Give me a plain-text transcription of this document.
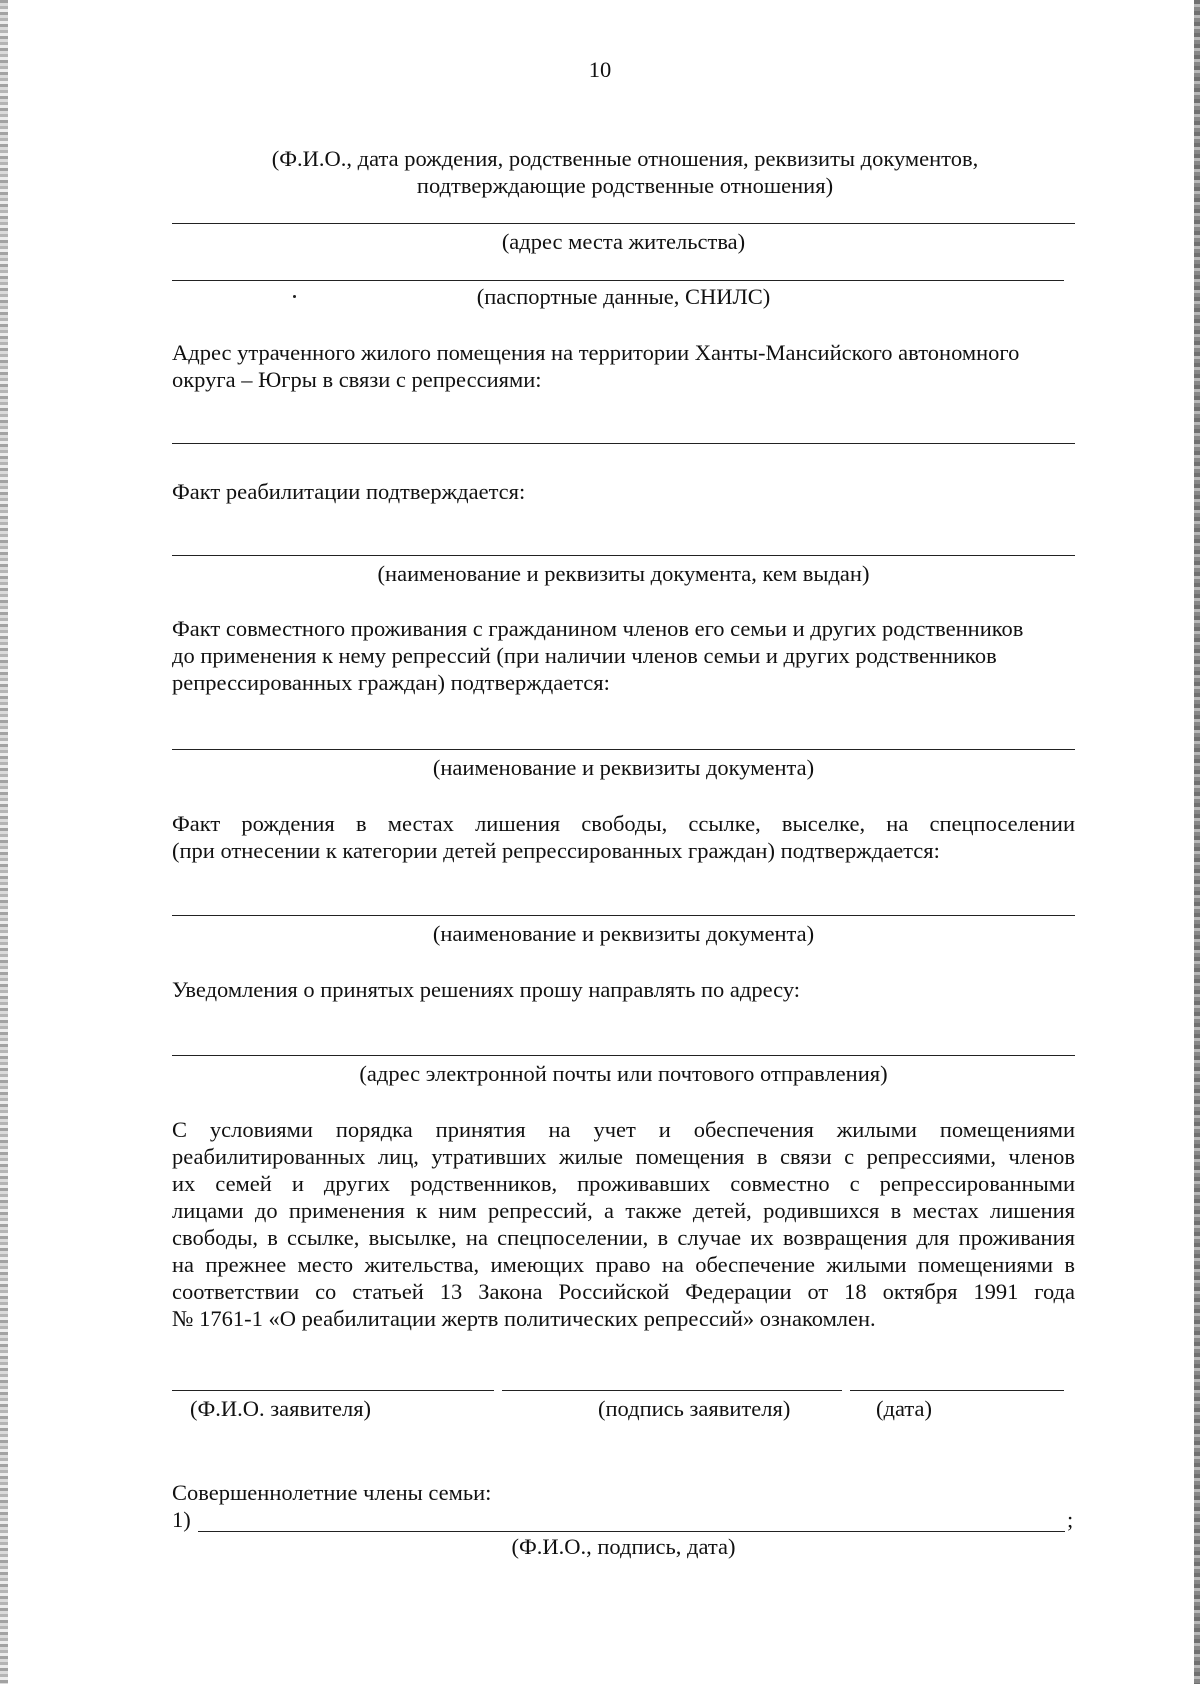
10
(Ф.И.О., дата рождения, родственные отношения, реквизиты документов,
подтверждающие родственные отношения)
(адрес места жительства)
(паспортные данные, СНИЛС)
Адрес утраченного жилого помещения на территории Ханты-Мансийского автономного
округа – Югры в связи с репрессиями:
Факт реабилитации подтверждается:
(наименование и реквизиты документа, кем выдан)
Факт совместного проживания с гражданином членов его семьи и других родственников
до применения к нему репрессий (при наличии членов семьи и других родственников
репрессированных граждан) подтверждается:
(наименование и реквизиты документа)
Факт рождения в местах лишения свободы, ссылке, выселке, на спецпоселении
(при отнесении к категории детей репрессированных граждан) подтверждается:
(наименование и реквизиты документа)
Уведомления о принятых решениях прошу направлять по адресу:
(адрес электронной почты или почтового отправления)
С условиями порядка принятия на учет и обеспечения жилыми помещениями
реабилитированных лиц, утративших жилые помещения в связи с репрессиями, членов
их семей и других родственников, проживавших совместно с репрессированными
лицами до применения к ним репрессий, а также детей, родившихся в местах лишения
свободы, в ссылке, высылке, на спецпоселении, в случае их возвращения для проживания
на прежнее место жительства, имеющих право на обеспечение жилыми помещениями в
соответствии со статьей 13 Закона Российской Федерации от 18 октября 1991 года
№ 1761-1 «О реабилитации жертв политических репрессий» ознакомлен.
(Ф.И.О. заявителя)	(подпись заявителя)	(дата)
Совершеннолетние члены семьи:
1)	;
(Ф.И.О., подпись, дата)
